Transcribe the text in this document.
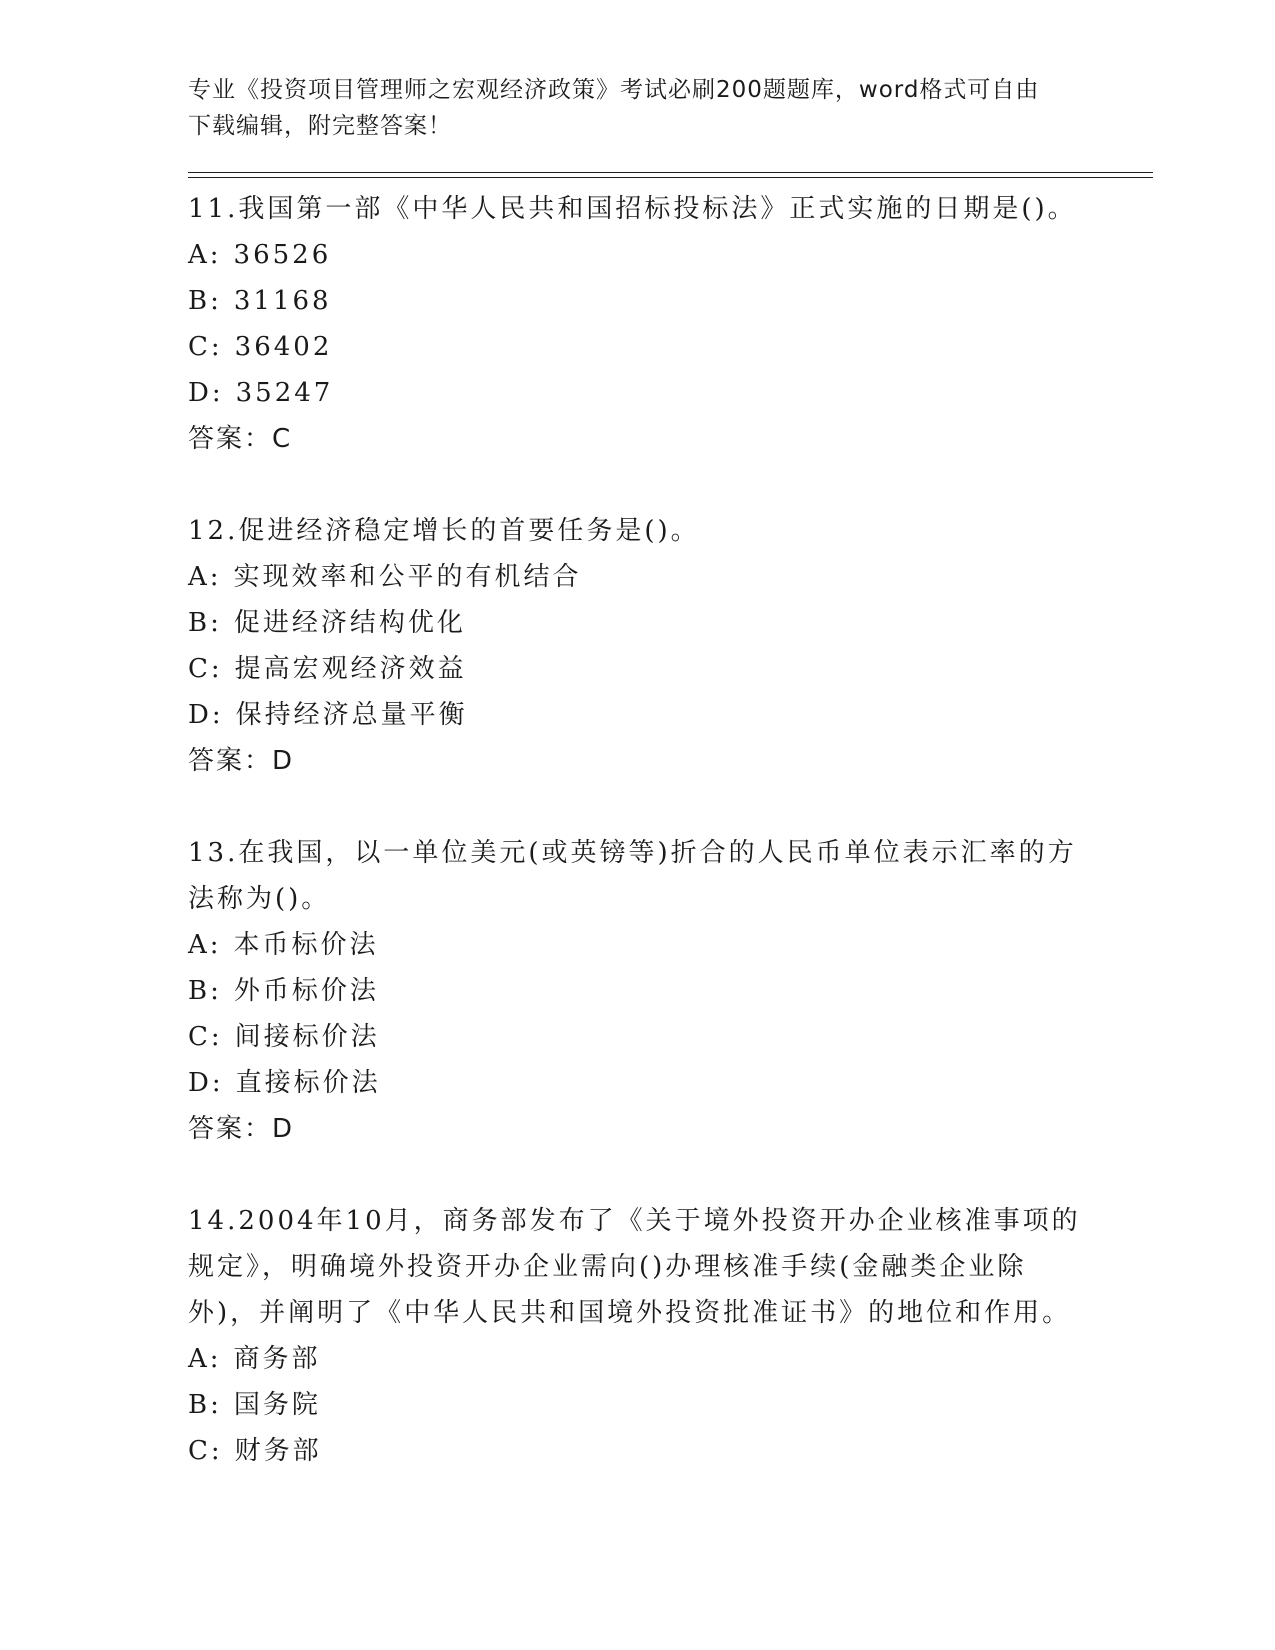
专业《投资项目管理师之宏观经济政策》考试必刷200题题库，word格式可自由
下载编辑，附完整答案！

11.我国第一部《中华人民共和国招标投标法》正式实施的日期是()。

A: 36526

B: 31168

C: 36402

D: 35247

答案：C

12.促进经济稳定增长的首要任务是()。

A: 实现效率和公平的有机结合

B: 促进经济结构优化

C: 提高宏观经济效益

D: 保持经济总量平衡

答案：D

13.在我国，以一单位美元(或英镑等)折合的人民币单位表示汇率的方法称为()。

A: 本币标价法

B: 外币标价法

C: 间接标价法

D: 直接标价法

答案：D

14.2004年10月，商务部发布了《关于境外投资开办企业核准事项的规定》，明确境外投资开办企业需向()办理核准手续(金融类企业除外)，并阐明了《中华人民共和国境外投资批准证书》的地位和作用。

A: 商务部

B: 国务院

C: 财务部
